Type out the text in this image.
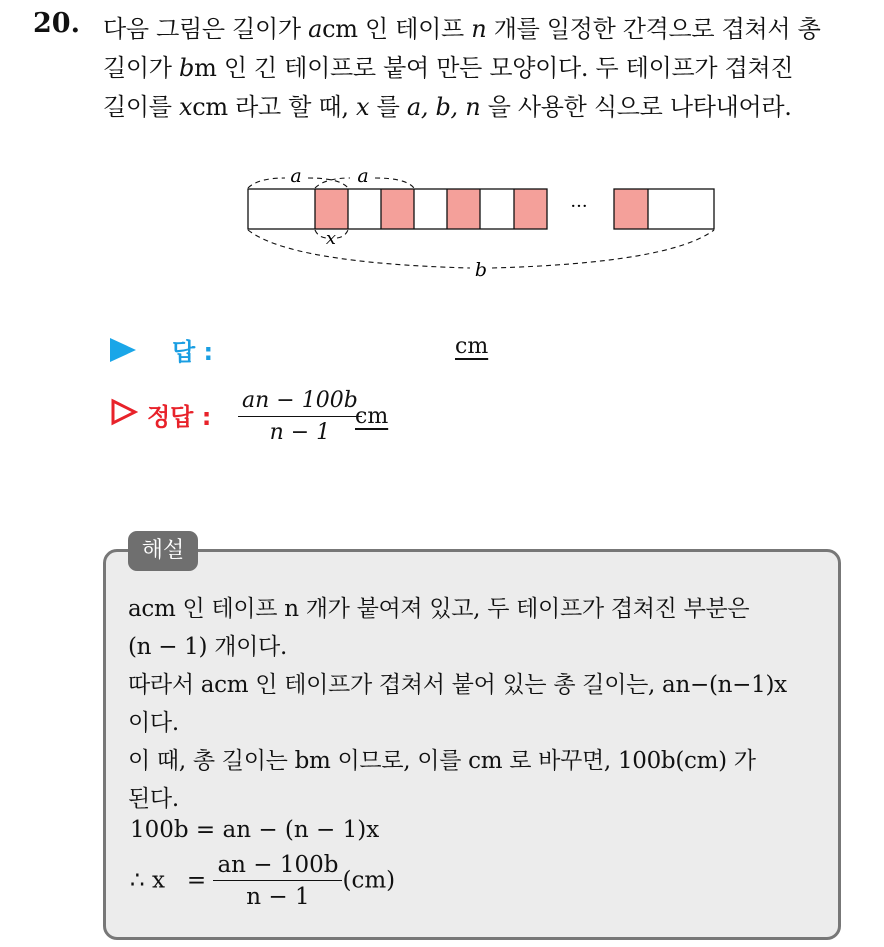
20. 다음 그림은 길이가 acm 인 테이프 n 개를 일정한 간격으로 겹쳐서 총

길이가 bm 인 긴 테이프로 붙여 만든 모양이다. 두 테이프가 겹쳐진

길이를 xcm 라고 할 때, x 를 a, b, n 을 사용한 식으로 나타내어라.

a	a
x
b
···
답 :	cm
정답 : $\frac{an - 100b}{n - 1}$
cm
해설

acm 인 테이프 n 개가 붙여져 있고, 두 테이프가 겹쳐진 부분은

(n − 1) 개이다.

따라서 acm 인 테이프가 겹쳐서 붙어 있는 총 길이는, an−(n−1)x

이다.

이 때, 총 길이는 bm 이므로, 이를 cm 로 바꾸면, 100b(cm) 가

된다.

100b = an − (n − 1)x
∴ $x = \frac{an - 100b}{n - 1} (cm)$
